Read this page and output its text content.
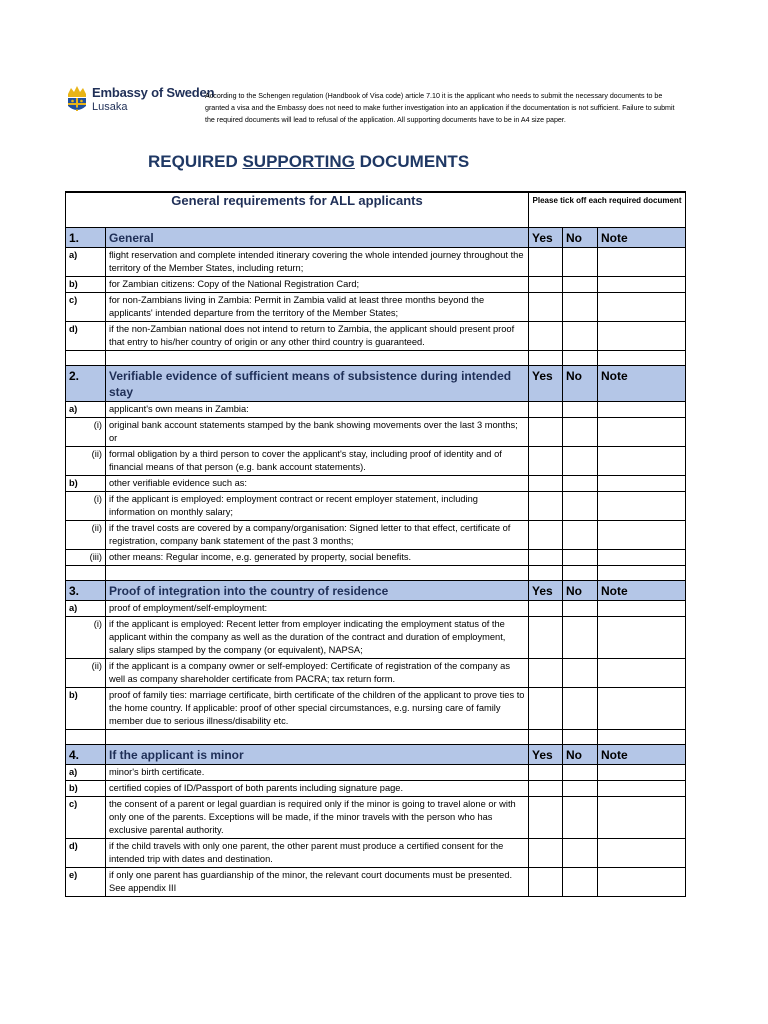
Embassy of Sweden
Lusaka
According to the Schengen regulation (Handbook of Visa code) article 7.10 it is the applicant who needs to submit the necessary documents to be granted a visa and the Embassy does not need to make further investigation into an application if the documentation is not sufficient. Failure to submit the required documents will lead to refusal of the application. All supporting documents have to be in A4 size paper.
REQUIRED SUPPORTING DOCUMENTS
General requirements for ALL applicants		Please tick off each required document		
1.	General	Yes	No	Note
a)	flight reservation and complete intended itinerary covering the whole intended journey throughout the territory of the Member States, including return;			
b)	for Zambian citizens: Copy of the National Registration Card;			
c)	for non-Zambians living in Zambia: Permit in Zambia valid at least three months beyond the applicants' intended departure from the territory of the Member States;			
d)	if the non-Zambian national does not intend to return to Zambia, the applicant should present proof that entry to his/her country of origin or any other third country is guaranteed.			

2.	Verifiable evidence of sufficient means of subsistence during intended stay	Yes	No	Note
a)	applicant's own means in Zambia:			
(i)	original bank account statements stamped by the bank showing movements over the last 3 months; or			
(ii)	formal obligation by a third person to cover the applicant's stay, including proof of identity and of financial means of that person (e.g. bank account statements).			
b)	other verifiable evidence such as:			
(i)	if the applicant is employed: employment contract or recent employer statement, including information on monthly salary;			
(ii)	if the travel costs are covered by a company/organisation: Signed letter to that effect, certificate of registration, company bank statement of the past 3 months;			
(iii)	other means: Regular income, e.g. generated by property, social benefits.			

3.	Proof of integration into the country of residence	Yes	No	Note
a)	proof of employment/self-employment:			
(i)	if the applicant is employed: Recent letter from employer indicating the employment status of the applicant within the company as well as the duration of the contract and duration of employment, salary slips stamped by the company (or equivalent), NAPSA;			
(ii)	if the applicant is a company owner or self-employed: Certificate of registration of the company as well as company shareholder certificate from PACRA; tax return form.			
b)	proof of family ties: marriage certificate, birth certificate of the children of the applicant to prove ties to the home country. If applicable: proof of other special circumstances, e.g. nursing care of family member due to serious illness/disability etc.			

4.	If the applicant is minor	Yes	No	Note
a)	minor's birth certificate.			
b)	certified copies of ID/Passport of both parents including signature page.			
c)	the consent of a parent or legal guardian is required only if the minor is going to travel alone or with only one of the parents. Exceptions will be made, if the minor travels with the person who has exclusive parental authority.			
d)	if the child travels with only one parent, the other parent must produce a certified consent for the intended trip with dates and destination.			
e)	if only one parent has guardianship of the minor, the relevant court documents must be presented. See appendix III			
